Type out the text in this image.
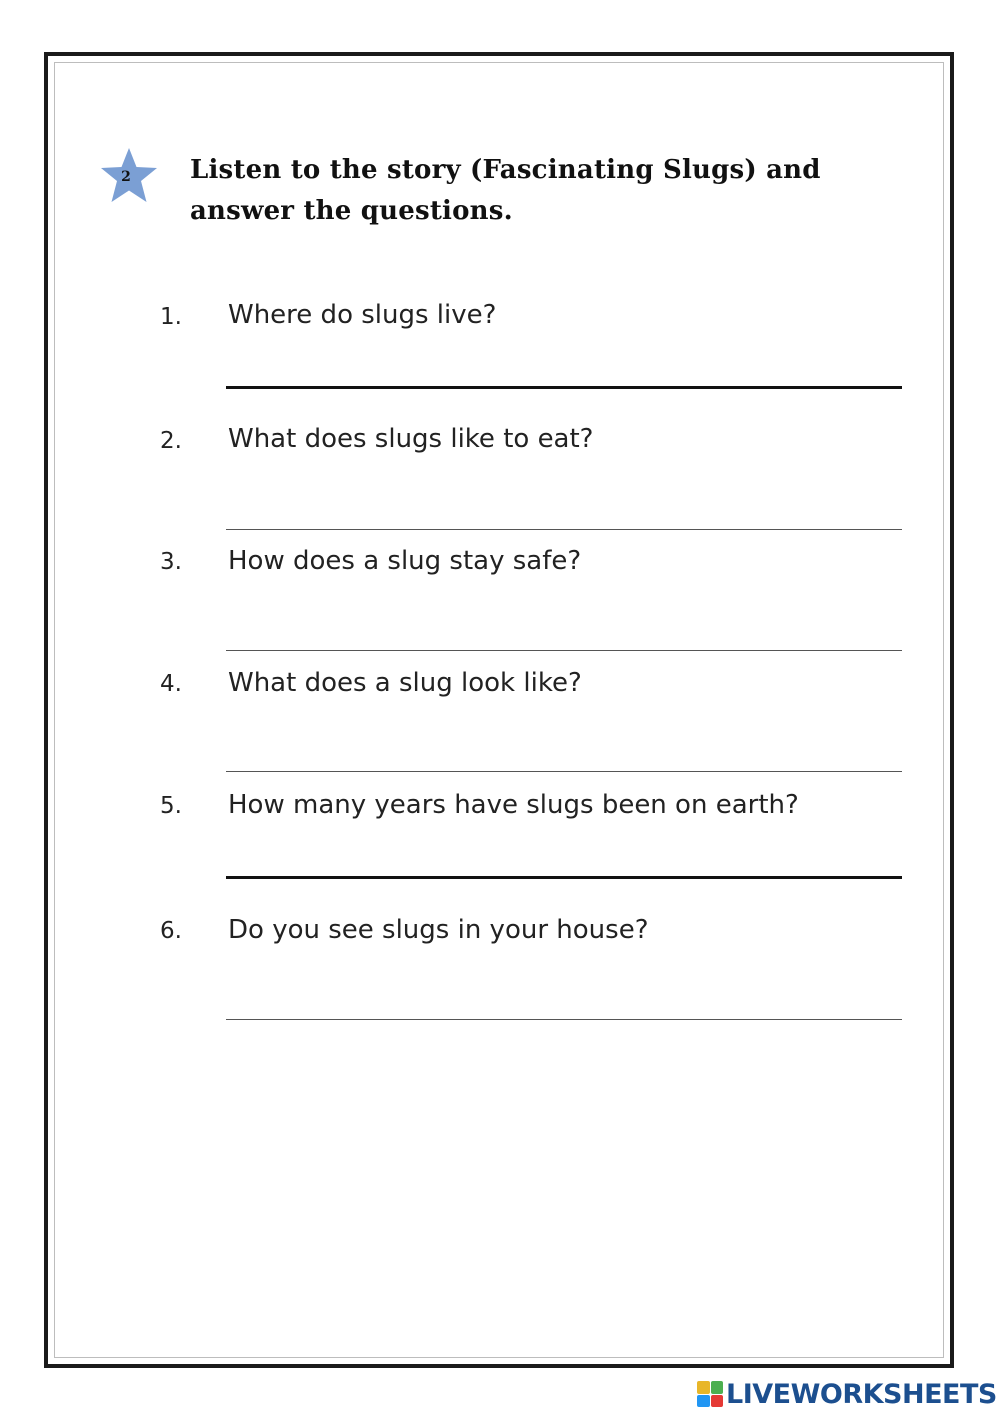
2 Listen to the story (Fascinating Slugs) and answer the questions.
1. Where do slugs live?
2. What does slugs like to eat?
3. How does a slug stay safe?
4. What does a slug look like?
5. How many years have slugs been on earth?
6. Do you see slugs in your house?
LIVEWORKSHEETS
